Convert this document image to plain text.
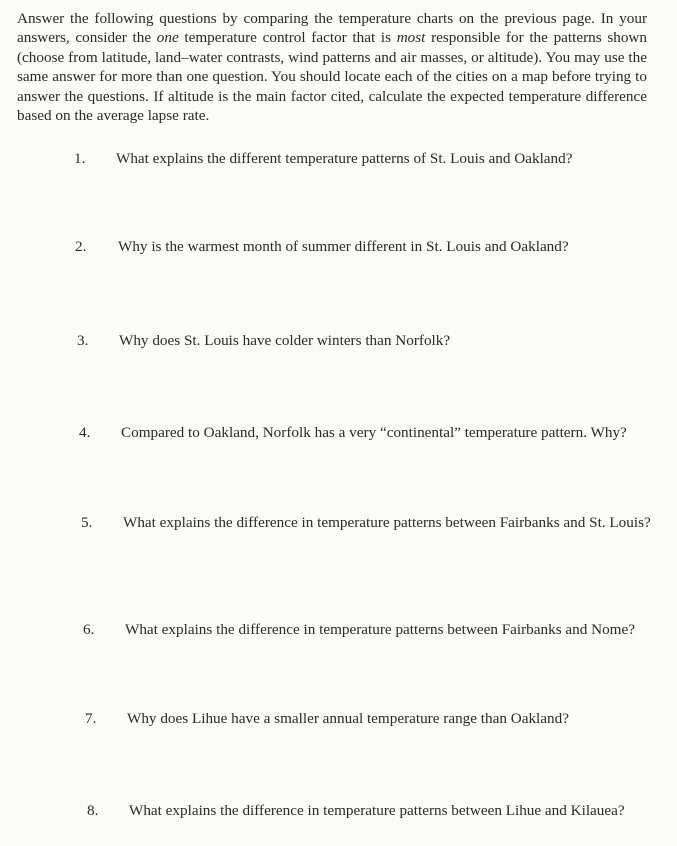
Answer the following questions by comparing the temperature charts on the previous page. In your answers, consider the one temperature control factor that is most responsible for the patterns shown (choose from latitude, land–water contrasts, wind patterns and air masses, or altitude). You may use the same answer for more than one question. You should locate each of the cities on a map before trying to answer the questions. If altitude is the main factor cited, calculate the expected temperature difference based on the average lapse rate.

1. What explains the different temperature patterns of St. Louis and Oakland?
2. Why is the warmest month of summer different in St. Louis and Oakland?
3. Why does St. Louis have colder winters than Norfolk?
4. Compared to Oakland, Norfolk has a very “continental” temperature pattern. Why?
5. What explains the difference in temperature patterns between Fairbanks and St. Louis?
6. What explains the difference in temperature patterns between Fairbanks and Nome?
7. Why does Lihue have a smaller annual temperature range than Oakland?
8. What explains the difference in temperature patterns between Lihue and Kilauea?
